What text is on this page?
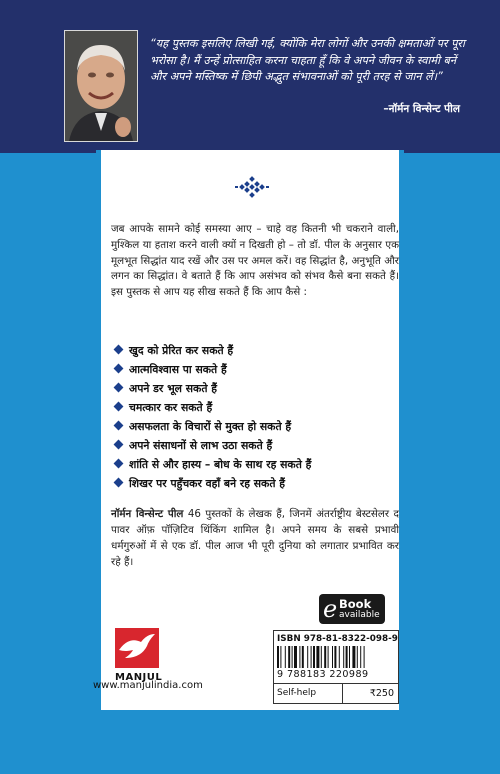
“यह पुस्तक इसलिए लिखी गई, क्योंकि मेरा लोगों और उनकी क्षमताओं पर पूरा भरोसा है। मैं उन्हें प्रोत्साहित करना चाहता हूँ कि वे अपने जीवन के स्वामी बनें और अपने मस्तिष्क में छिपी अद्भुत संभावनाओं को पूरी तरह से जान लें।”
–नॉर्मन विन्सेन्ट पील
जब आपके सामने कोई समस्या आए – चाहे वह कितनी भी चकराने वाली, मुश्किल या हताश करने वाली क्यों न दिखती हो – तो डॉ. पील के अनुसार एक मूलभूत सिद्धांत याद रखें और उस पर अमल करें। वह सिद्धांत है, अनुभूति और लगन का सिद्धांत। वे बताते हैं कि आप असंभव को संभव कैसे बना सकते हैं। इस पुस्तक से आप यह सीख सकते हैं कि आप कैसे :
खुद को प्रेरित कर सकते हैं
आत्मविश्वास पा सकते हैं
अपने डर भूल सकते हैं
चमत्कार कर सकते हैं
असफलता के विचारों से मुक्त हो सकते हैं
अपने संसाधनों से लाभ उठा सकते हैं
शांति से और हास्य – बोध के साथ रह सकते हैं
शिखर पर पहुँचकर वहाँ बने रह सकते हैं
नॉर्मन विन्सेन्ट पील 46 पुस्तकों के लेखक हैं, जिनमें अंतर्राष्ट्रीय बेस्टसेलर द पावर ऑफ़ पॉज़िटिव थिंकिंग शामिल है। अपने समय के सबसे प्रभावी धर्मगुरुओं में से एक डॉ. पील आज भी पूरी दुनिया को लगातार प्रभावित कर रहे हैं।
e Book
available
MANJUL
www.manjulindia.com
ISBN 978-81-8322-098-9
9 788183 220989
Self-help	₹250
